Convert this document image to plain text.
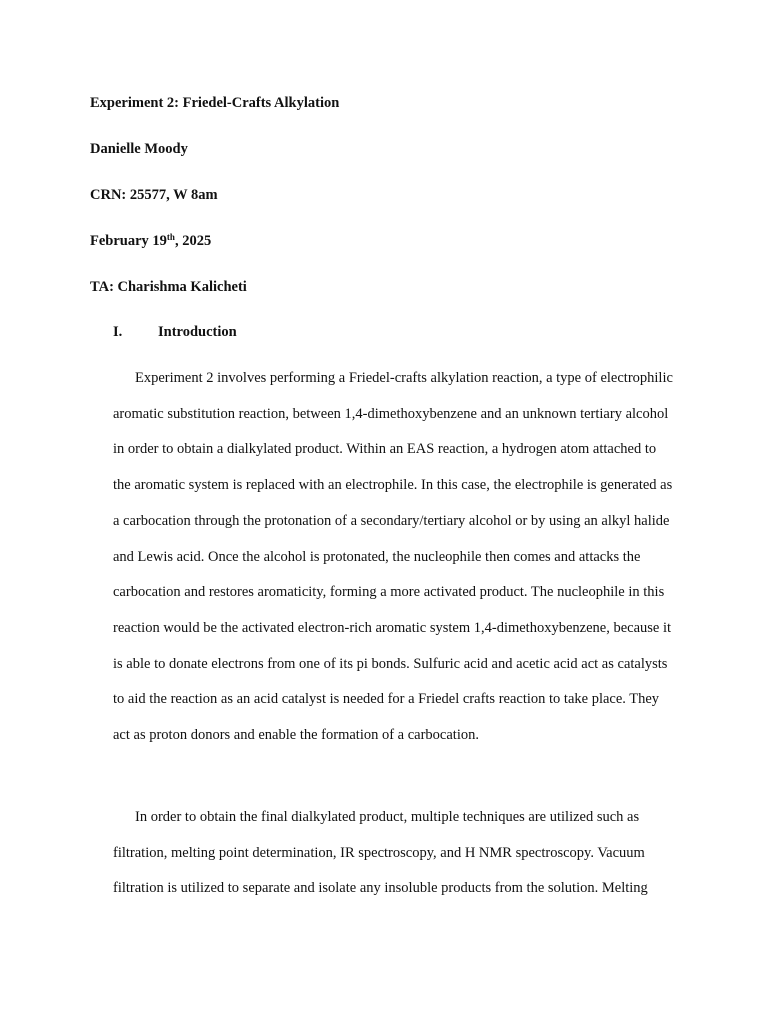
Experiment 2: Friedel-Crafts Alkylation
Danielle Moody
CRN: 25577, W 8am
February 19th, 2025
TA: Charishma Kalicheti
I. Introduction

Experiment 2 involves performing a Friedel-crafts alkylation reaction, a type of electrophilic aromatic substitution reaction, between 1,4-dimethoxybenzene and an unknown tertiary alcohol in order to obtain a dialkylated product. Within an EAS reaction, a hydrogen atom attached to the aromatic system is replaced with an electrophile. In this case, the electrophile is generated as a carbocation through the protonation of a secondary/tertiary alcohol or by using an alkyl halide and Lewis acid. Once the alcohol is protonated, the nucleophile then comes and attacks the carbocation and restores aromaticity, forming a more activated product. The nucleophile in this reaction would be the activated electron-rich aromatic system 1,4-dimethoxybenzene, because it is able to donate electrons from one of its pi bonds. Sulfuric acid and acetic acid act as catalysts to aid the reaction as an acid catalyst is needed for a Friedel crafts reaction to take place. They act as proton donors and enable the formation of a carbocation.

In order to obtain the final dialkylated product, multiple techniques are utilized such as filtration, melting point determination, IR spectroscopy, and H NMR spectroscopy. Vacuum filtration is utilized to separate and isolate any insoluble products from the solution. Melting
